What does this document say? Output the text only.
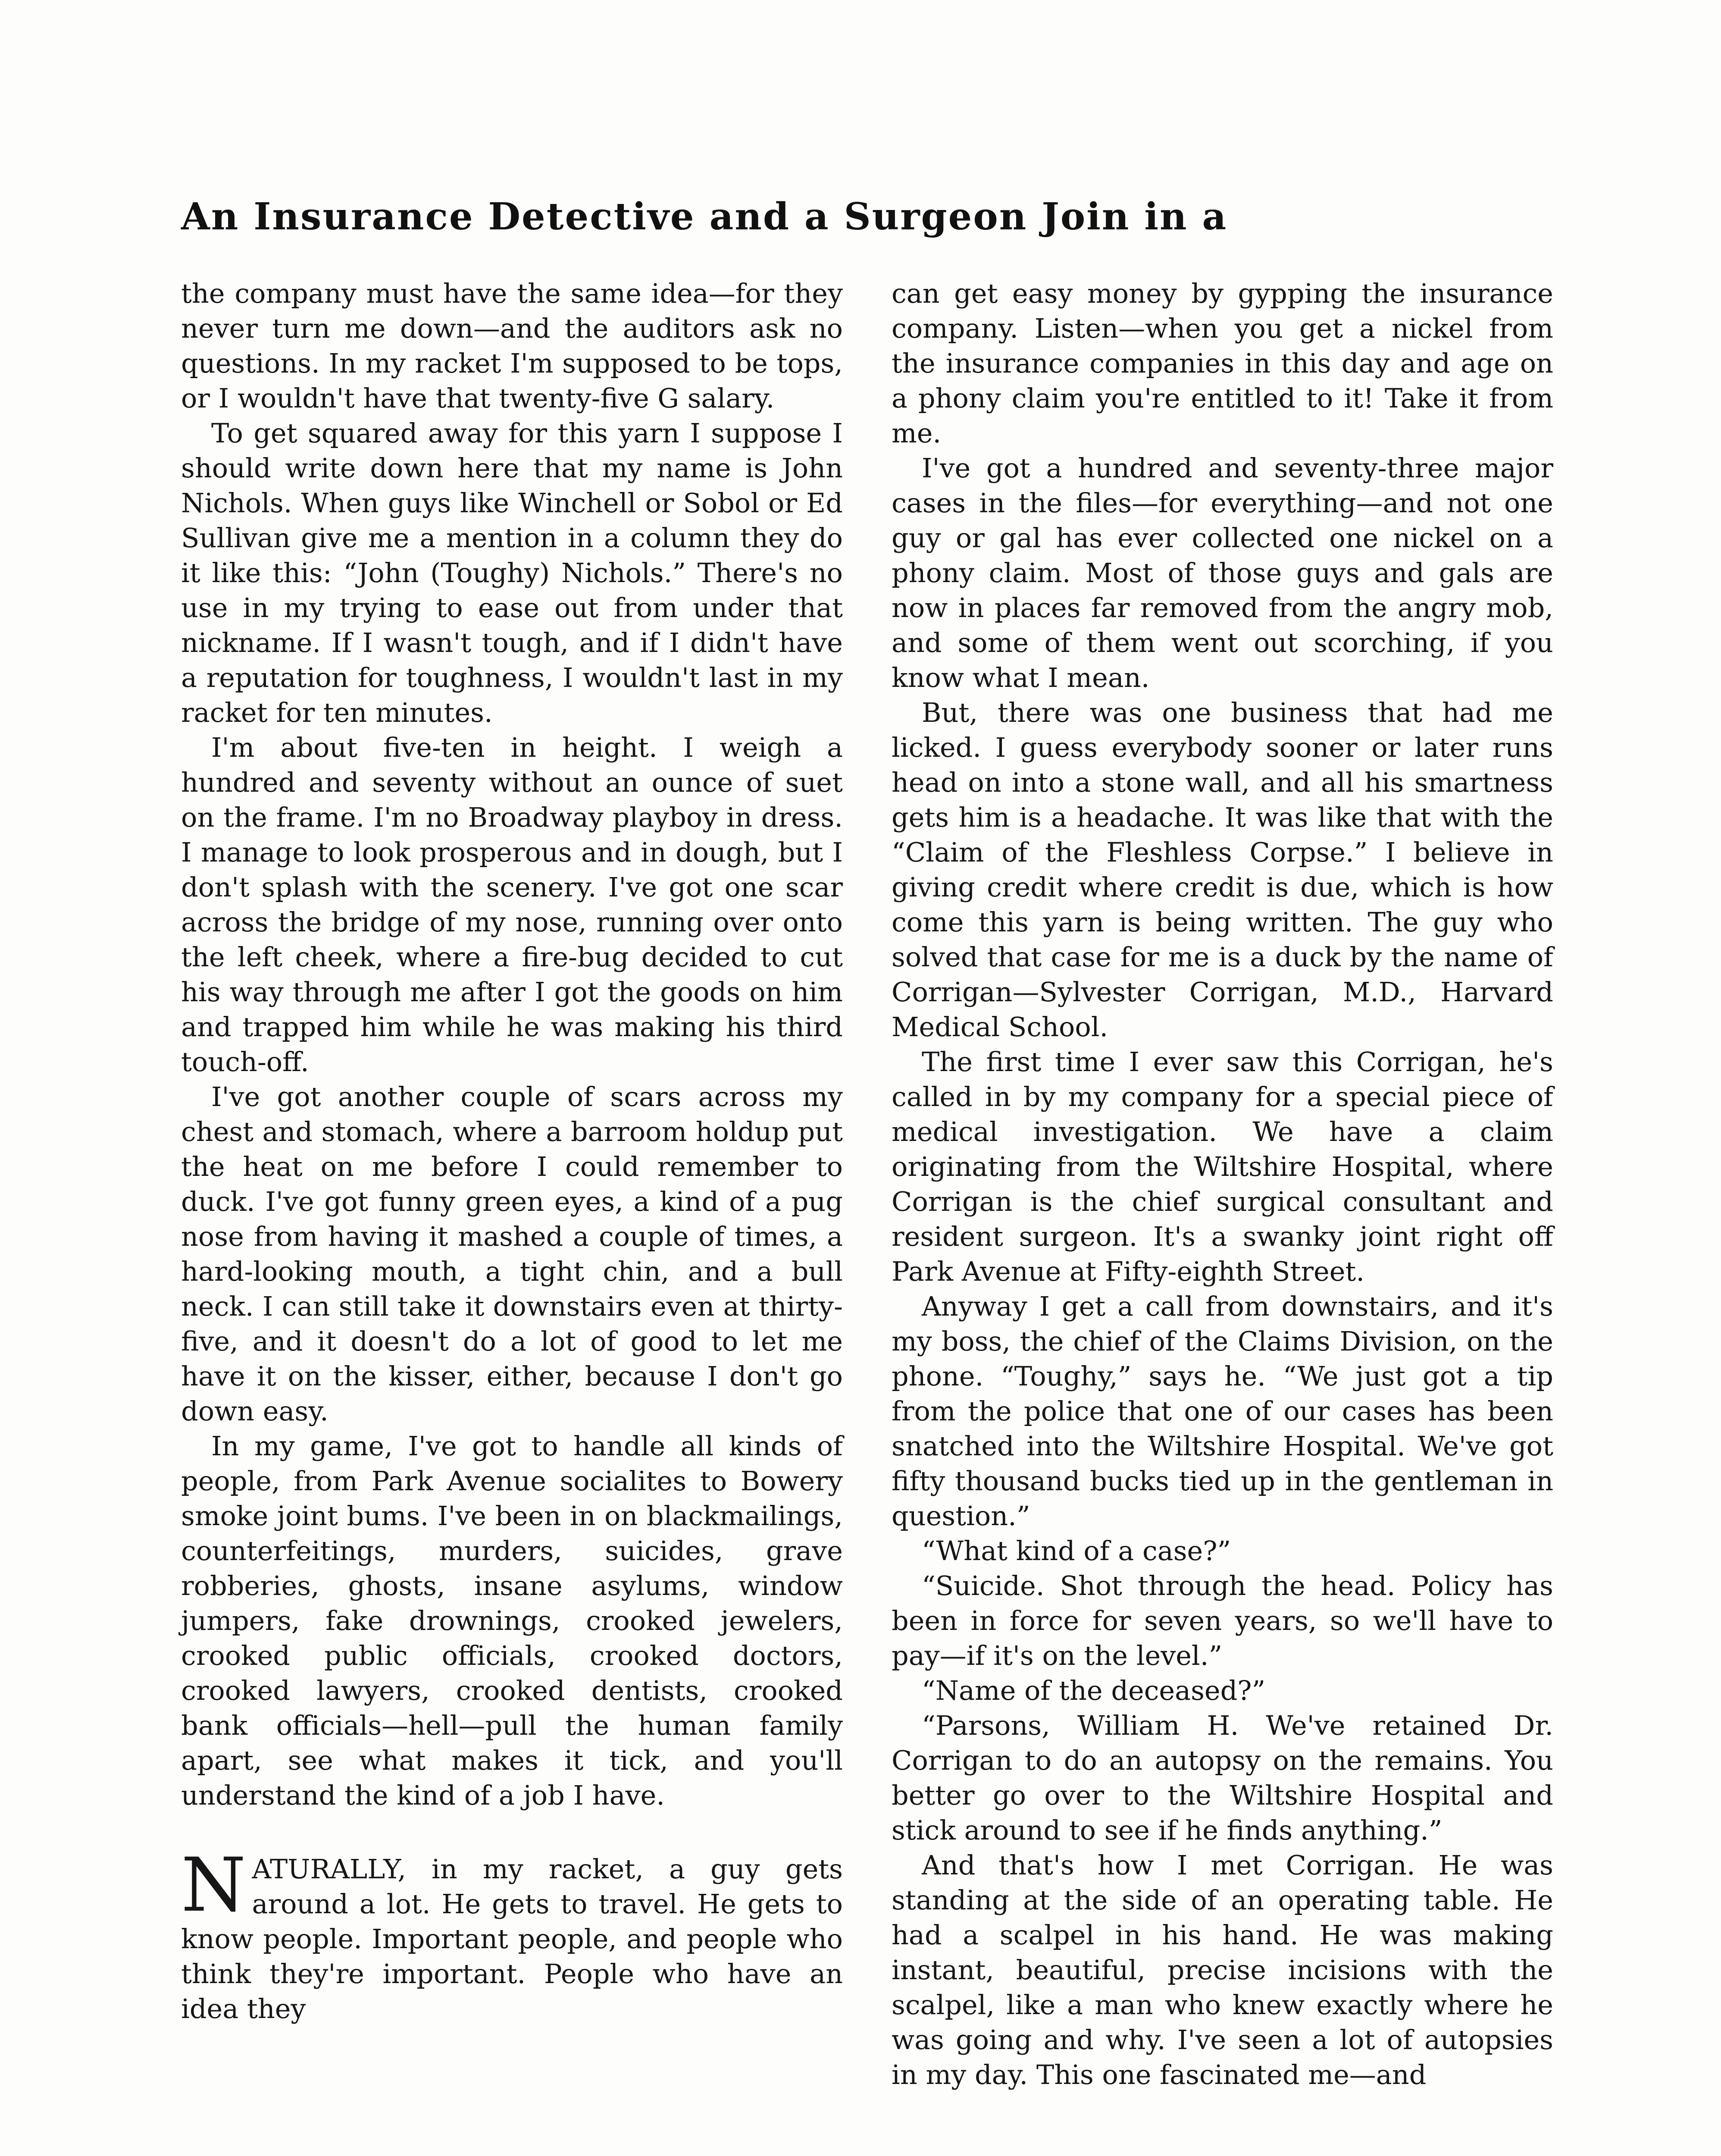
An Insurance Detective and a Surgeon Join in a

the company must have the same idea—for they never turn me down—and the auditors ask no questions. In my racket I'm supposed to be tops, or I wouldn't have that twenty-five G salary.

To get squared away for this yarn I suppose I should write down here that my name is John Nichols. When guys like Winchell or Sobol or Ed Sullivan give me a mention in a column they do it like this: “John (Toughy) Nichols.” There's no use in my trying to ease out from under that nickname. If I wasn't tough, and if I didn't have a reputation for toughness, I wouldn't last in my racket for ten minutes.

I'm about five-ten in height. I weigh a hundred and seventy without an ounce of suet on the frame. I'm no Broadway playboy in dress. I manage to look prosperous and in dough, but I don't splash with the scenery. I've got one scar across the bridge of my nose, running over onto the left cheek, where a fire-bug decided to cut his way through me after I got the goods on him and trapped him while he was making his third touch-off.

I've got another couple of scars across my chest and stomach, where a barroom holdup put the heat on me before I could remember to duck. I've got funny green eyes, a kind of a pug nose from having it mashed a couple of times, a hard-looking mouth, a tight chin, and a bull neck. I can still take it downstairs even at thirty-five, and it doesn't do a lot of good to let me have it on the kisser, either, because I don't go down easy.

In my game, I've got to handle all kinds of people, from Park Avenue socialites to Bowery smoke joint bums. I've been in on blackmailings, counterfeitings, murders, suicides, grave robberies, ghosts, insane asylums, window jumpers, fake drownings, crooked jewelers, crooked public officials, crooked doctors, crooked lawyers, crooked dentists, crooked bank officials—hell—pull the human family apart, see what makes it tick, and you'll understand the kind of a job I have.

NATURALLY, in my racket, a guy gets around a lot. He gets to travel. He gets to know people. Important people, and people who think they're important. People who have an idea they

can get easy money by gypping the insurance company. Listen—when you get a nickel from the insurance companies in this day and age on a phony claim you're entitled to it! Take it from me.

I've got a hundred and seventy-three major cases in the files—for everything—and not one guy or gal has ever collected one nickel on a phony claim. Most of those guys and gals are now in places far removed from the angry mob, and some of them went out scorching, if you know what I mean.

But, there was one business that had me licked. I guess everybody sooner or later runs head on into a stone wall, and all his smartness gets him is a headache. It was like that with the “Claim of the Fleshless Corpse.” I believe in giving credit where credit is due, which is how come this yarn is being written. The guy who solved that case for me is a duck by the name of Corrigan—Sylvester Corrigan, M.D., Harvard Medical School.

The first time I ever saw this Corrigan, he's called in by my company for a special piece of medical investigation. We have a claim originating from the Wiltshire Hospital, where Corrigan is the chief surgical consultant and resident surgeon. It's a swanky joint right off Park Avenue at Fifty-eighth Street.

Anyway I get a call from downstairs, and it's my boss, the chief of the Claims Division, on the phone. “Toughy,” says he. “We just got a tip from the police that one of our cases has been snatched into the Wiltshire Hospital. We've got fifty thousand bucks tied up in the gentleman in question.”

“What kind of a case?”

“Suicide. Shot through the head. Policy has been in force for seven years, so we'll have to pay—if it's on the level.”

“Name of the deceased?”

“Parsons, William H. We've retained Dr. Corrigan to do an autopsy on the remains. You better go over to the Wiltshire Hospital and stick around to see if he finds anything.”

And that's how I met Corrigan. He was standing at the side of an operating table. He had a scalpel in his hand. He was making instant, beautiful, precise incisions with the scalpel, like a man who knew exactly where he was going and why. I've seen a lot of autopsies in my day. This one fascinated me—and
